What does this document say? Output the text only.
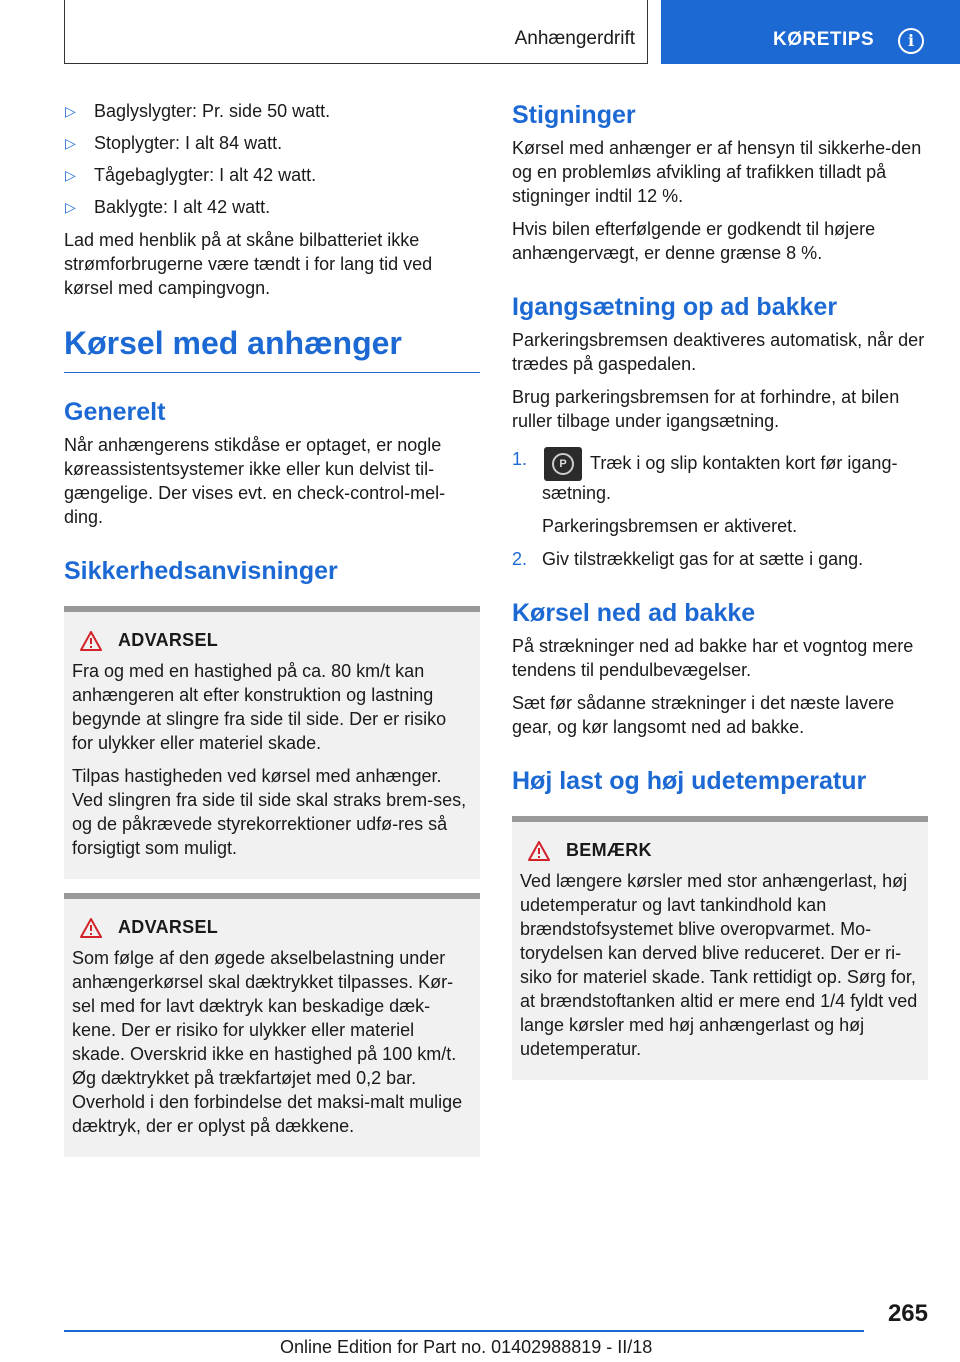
Anhængerdrift	KØRETIPS	i
▷ Baglyslygter: Pr. side 50 watt.
▷ Stoplygter: I alt 84 watt.
▷ Tågebaglygter: I alt 42 watt.
▷ Baklygte: I alt 42 watt.

Lad med henblik på at skåne bilbatteriet ikke strømforbrugerne være tændt i for lang tid ved kørsel med campingvogn.

Kørsel med anhænger
Generelt

Når anhængerens stikdåse er optaget, er nogle køreassistentsystemer ikke eller kun delvist til-gængelige. Der vises evt. en check-control-mel-ding.

Sikkerhedsanvisninger
ADVARSEL

Fra og med en hastighed på ca. 80 km/t kan anhængeren alt efter konstruktion og lastning begynde at slingre fra side til side. Der er risiko for ulykker eller materiel skade.

Tilpas hastigheden ved kørsel med anhænger. Ved slingren fra side til side skal straks brem-ses, og de påkrævede styrekorrektioner udfø-res så forsigtigt som muligt.

ADVARSEL

Som følge af den øgede akselbelastning under anhængerkørsel skal dæktrykket tilpasses. Kør-sel med for lavt dæktryk kan beskadige dæk-kene. Der er risiko for ulykker eller materiel skade. Overskrid ikke en hastighed på 100 km/t. Øg dæktrykket på trækfartøjet med 0,2 bar. Overhold i den forbindelse det maksi-malt mulige dæktryk, der er oplyst på dækkene.

Stigninger

Kørsel med anhænger er af hensyn til sikkerhe-den og en problemløs afvikling af trafikken tilladt på stigninger indtil 12 %.

Hvis bilen efterfølgende er godkendt til højere anhængervægt, er denne grænse 8 %.

Igangsætning op ad bakker

Parkeringsbremsen deaktiveres automatisk, når der trædes på gaspedalen.

Brug parkeringsbremsen for at forhindre, at bilen ruller tilbage under igangsætning.

1.	P	Træk i og slip kontakten kort før igang-sætning.
Parkeringsbremsen er aktiveret.
2. Giv tilstrækkeligt gas for at sætte i gang.
Kørsel ned ad bakke

På strækninger ned ad bakke har et vogntog mere tendens til pendulbevægelser.

Sæt før sådanne strækninger i det næste lavere gear, og kør langsomt ned ad bakke.

Høj last og høj udetemperatur
BEMÆRK

Ved længere kørsler med stor anhængerlast, høj udetemperatur og lavt tankindhold kan brændstofsystemet blive overopvarmet. Mo-torydelsen kan derved blive reduceret. Der er ri-siko for materiel skade. Tank rettidigt op. Sørg for, at brændstoftanken altid er mere end 1/4 fyldt ved lange kørsler med høj anhængerlast og høj udetemperatur.

265
Online Edition for Part no. 01402988819 - II/18
